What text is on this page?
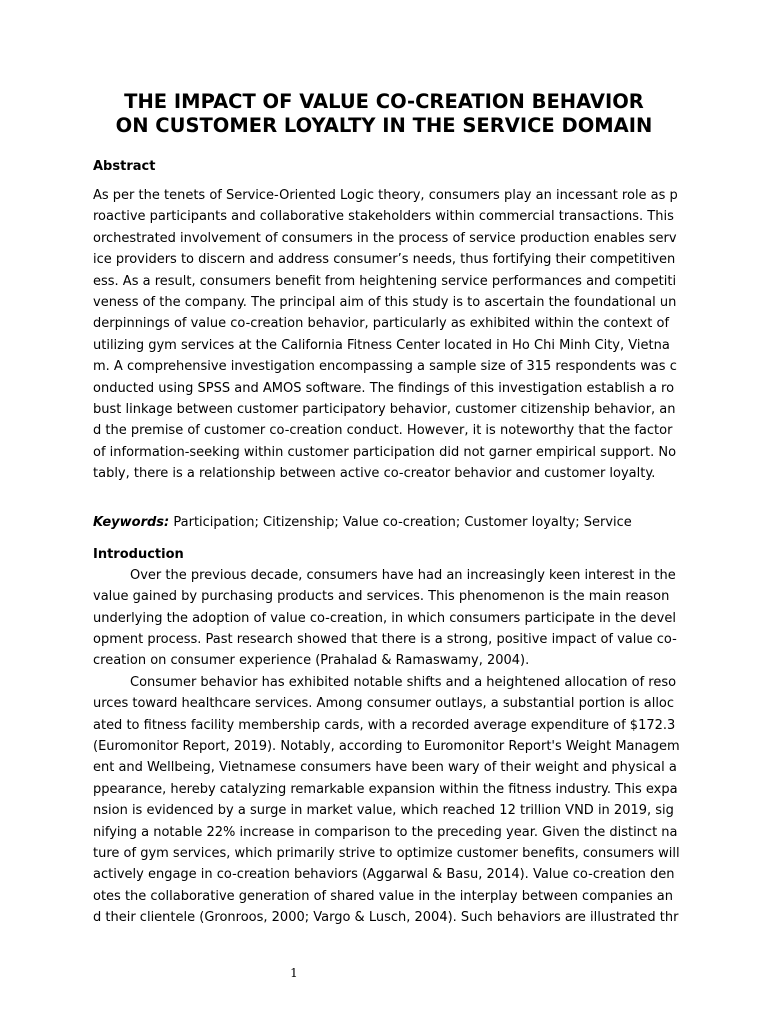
THE IMPACT OF VALUE CO-CREATION BEHAVIOR
ON CUSTOMER LOYALTY IN THE SERVICE DOMAIN
Abstract
As per the tenets of Service-Oriented Logic theory, consumers play an incessant role as p
roactive participants and collaborative stakeholders within commercial transactions. This
orchestrated involvement of consumers in the process of service production enables serv
ice providers to discern and address consumer’s needs, thus fortifying their competitiven
ess. As a result, consumers benefit from heightening service performances and competiti
veness of the company. The principal aim of this study is to ascertain the foundational un
derpinnings of value co-creation behavior, particularly as exhibited within the context of
utilizing gym services at the California Fitness Center located in Ho Chi Minh City, Vietna
m. A comprehensive investigation encompassing a sample size of 315 respondents was c
onducted using SPSS and AMOS software. The findings of this investigation establish a ro
bust linkage between customer participatory behavior, customer citizenship behavior, an
d the premise of customer co-creation conduct. However, it is noteworthy that the factor
of information-seeking within customer participation did not garner empirical support. No
tably, there is a relationship between active co-creator behavior and customer loyalty.
Keywords: Participation; Citizenship; Value co-creation; Customer loyalty; Service
Introduction
Over the previous decade, consumers have had an increasingly keen interest in the
value gained by purchasing products and services. This phenomenon is the main reason
underlying the adoption of value co-creation, in which consumers participate in the devel
opment process. Past research showed that there is a strong, positive impact of value co-
creation on consumer experience (Prahalad & Ramaswamy, 2004).
Consumer behavior has exhibited notable shifts and a heightened allocation of reso
urces toward healthcare services. Among consumer outlays, a substantial portion is alloc
ated to fitness facility membership cards, with a recorded average expenditure of $172.3
(Euromonitor Report, 2019). Notably, according to Euromonitor Report's Weight Managem
ent and Wellbeing, Vietnamese consumers have been wary of their weight and physical a
ppearance, hereby catalyzing remarkable expansion within the fitness industry. This expa
nsion is evidenced by a surge in market value, which reached 12 trillion VND in 2019, sig
nifying a notable 22% increase in comparison to the preceding year. Given the distinct na
ture of gym services, which primarily strive to optimize customer benefits, consumers will
actively engage in co-creation behaviors (Aggarwal & Basu, 2014). Value co-creation den
otes the collaborative generation of shared value in the interplay between companies an
d their clientele (Gronroos, 2000; Vargo & Lusch, 2004). Such behaviors are illustrated thr
1
